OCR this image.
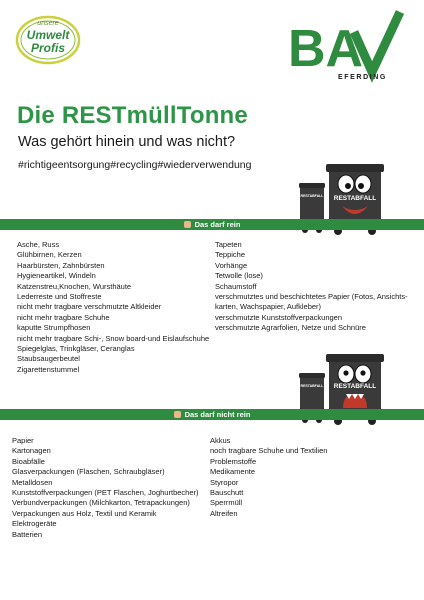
unsere
Umwelt
Profis	BA
EFERDING
Die RESTmüllTonne
Was gehört hinein und was nicht?
#richtigeentsorgung#recycling#wiederverwendung
RESTABFALL	RESTABFALL
Das darf rein
Asche, Russ
Glühbirnen, Kerzen
Haarbürsten, Zahnbürsten
Hygieneartikel, Windeln
Katzenstreu,Knochen, Wursthäute
Lederreste und Stoffreste
nicht mehr tragbare verschmutzte Altkleider
nicht mehr tragbare Schuhe
kaputte Strumpfhosen
nicht mehr tragbare Schi-, Snow board-und Eislaufschuhe
Spiegelglas, Trinkgläser, Ceranglas
Staubsaugerbeutel
Zigarettenstummel
Tapeten
Teppiche
Vorhänge
Tetwolle (lose)
Schaumstoff
verschmutztes und beschichtetes Papier (Fotos, Ansichts-
karten, Wachspapier, Aufkleber)
verschmutzte Kunststoffverpackungen
verschmutzte Agrarfolien, Netze und Schnüre
RESTABFALL	RESTABFALL
Das darf nicht rein
Papier
Kartonagen
Bioabfälle
Glasverpackungen (Flaschen, Schraubgläser)
Metalldosen
Kunststoffverpackungen (PET Flaschen, Joghurtbecher)
Verbundverpackungen (Milchkarton, Tetrapackungen)
Verpackungen aus Holz, Textil und Keramik
Elektrogeräte
Batterien
Akkus
noch tragbare Schuhe und Textilien
Problemstoffe
Medikamente
Styropor
Bauschutt
Sperrmüll
Altreifen
